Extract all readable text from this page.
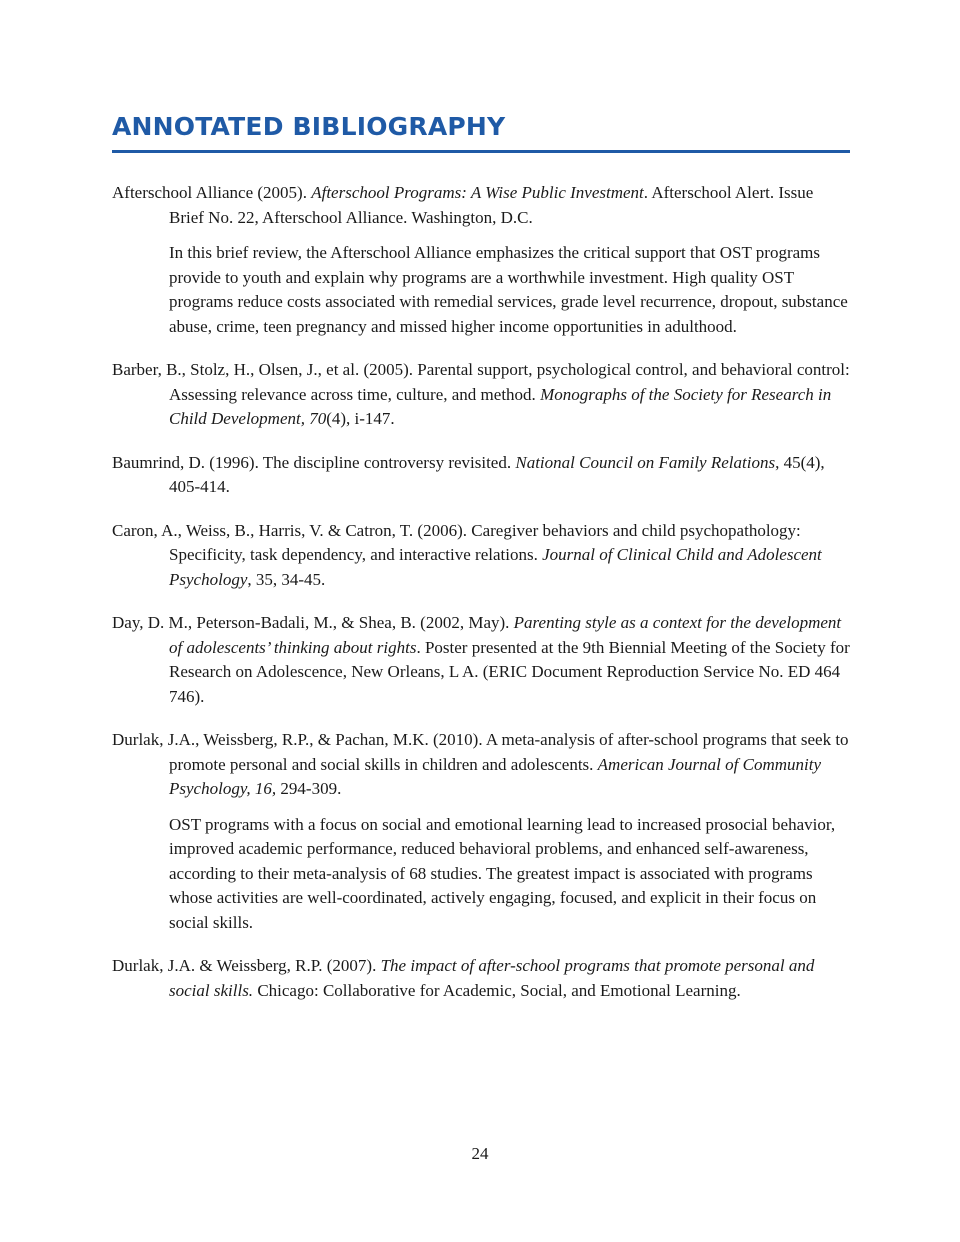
ANNOTATED BIBLIOGRAPHY

Afterschool Alliance (2005). Afterschool Programs: A Wise Public Investment. Afterschool Alert. Issue Brief No. 22, Afterschool Alliance. Washington, D.C.

In this brief review, the Afterschool Alliance emphasizes the critical support that OST programs provide to youth and explain why programs are a worthwhile investment. High quality OST programs reduce costs associated with remedial services, grade level recurrence, dropout, substance abuse, crime, teen pregnancy and missed higher income opportunities in adulthood.

Barber, B., Stolz, H., Olsen, J., et al. (2005). Parental support, psychological control, and behavioral control: Assessing relevance across time, culture, and method. Monographs of the Society for Research in Child Development, 70(4), i-147.

Baumrind, D. (1996). The discipline controversy revisited. National Council on Family Relations, 45(4), 405-414.

Caron, A., Weiss, B., Harris, V. & Catron, T. (2006). Caregiver behaviors and child psychopathology: Specificity, task dependency, and interactive relations. Journal of Clinical Child and Adolescent Psychology, 35, 34-45.

Day, D. M., Peterson-Badali, M., & Shea, B. (2002, May). Parenting style as a context for the development of adolescents’ thinking about rights. Poster presented at the 9th Biennial Meeting of the Society for Research on Adolescence, New Orleans, L A. (ERIC Document Reproduction Service No. ED 464 746).

Durlak, J.A., Weissberg, R.P., & Pachan, M.K. (2010). A meta-analysis of after-school programs that seek to promote personal and social skills in children and adolescents. American Journal of Community Psychology, 16, 294-309.

OST programs with a focus on social and emotional learning lead to increased prosocial behavior, improved academic performance, reduced behavioral problems, and enhanced self-awareness, according to their meta-analysis of 68 studies. The greatest impact is associated with programs whose activities are well-coordinated, actively engaging, focused, and explicit in their focus on social skills.

Durlak, J.A. & Weissberg, R.P. (2007). The impact of after-school programs that promote personal and social skills. Chicago: Collaborative for Academic, Social, and Emotional Learning.

24
